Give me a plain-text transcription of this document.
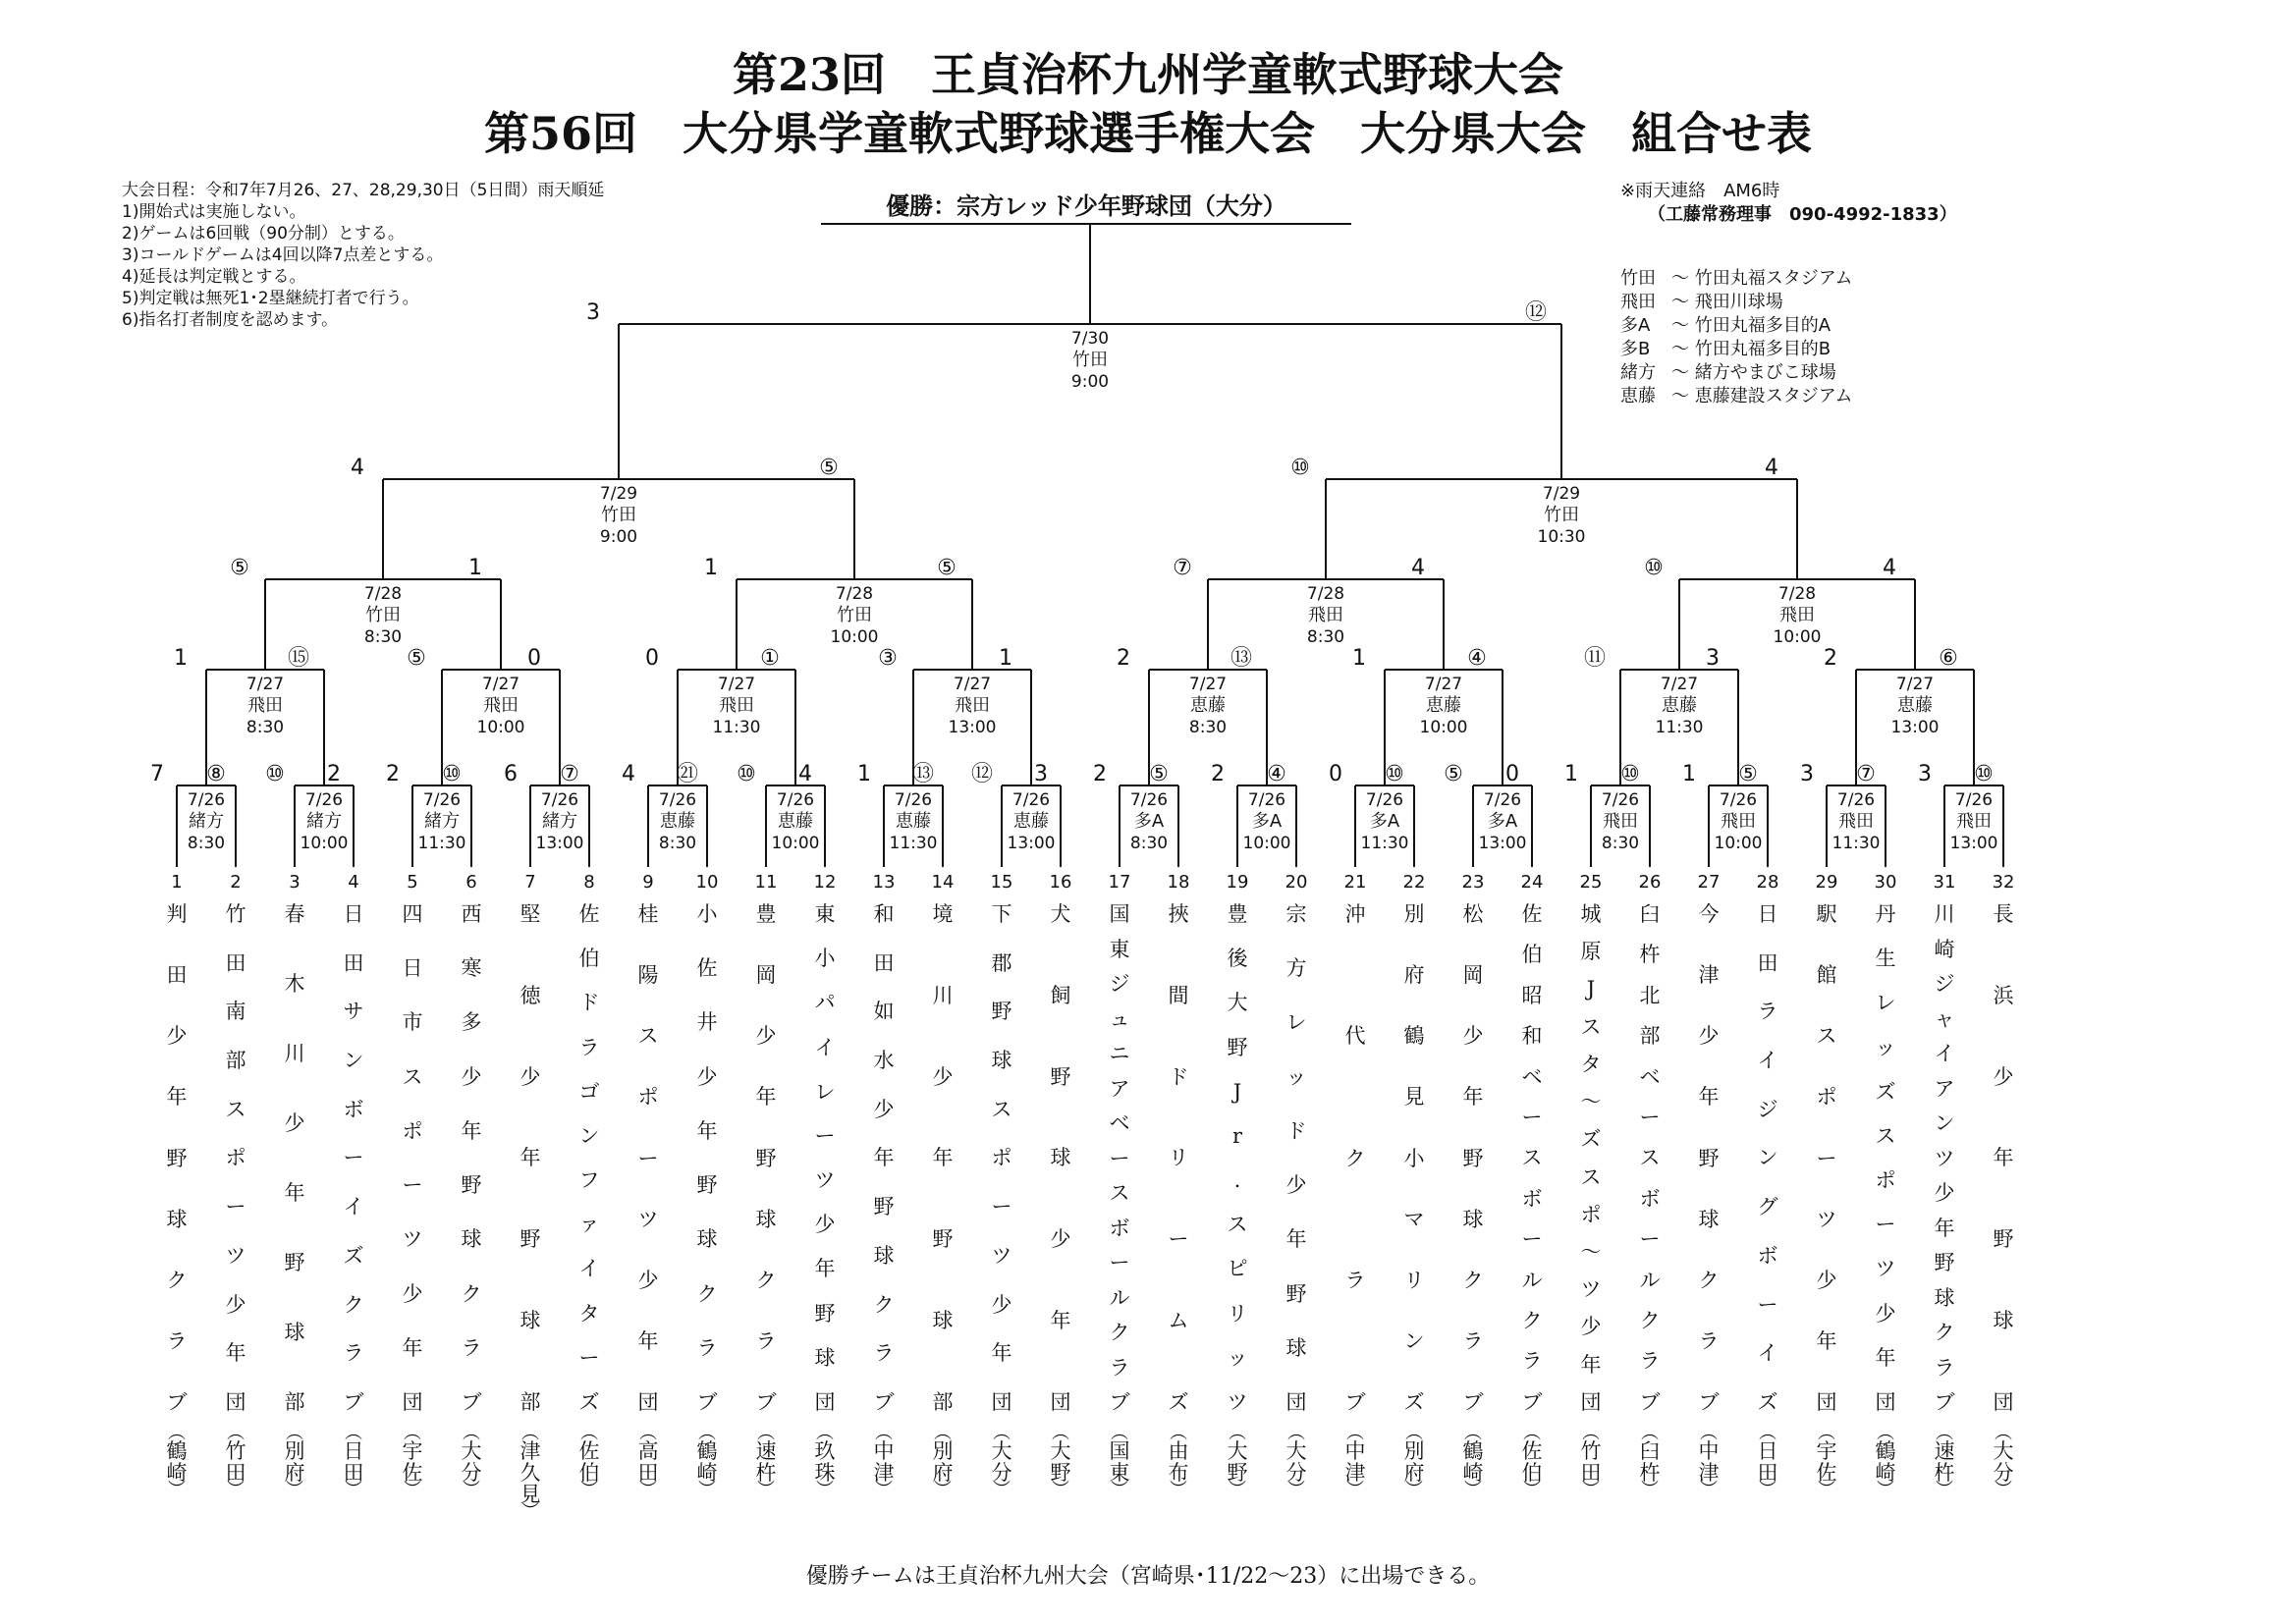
第23回　王貞治杯九州学童軟式野球大会
第56回　大分県学童軟式野球選手権大会　大分県大会　組合せ表
大会日程：令和7年7月26、27、28,29,30日（5日間）雨天順延
1)開始式は実施しない。
2)ゲームは6回戦（90分制）とする。
3)コールドゲームは4回以降7点差とする。
4)延長は判定戦とする。
5)判定戦は無死1･2塁継続打者で行う。
6)指名打者制度を認めます。
優勝：宗方レッド少年野球団（大分）
※雨天連絡　AM6時
（工藤常務理事　090-4992-1833）
竹田 ～ 竹田丸福スタジアム
飛田 ～ 飛田川球場
多A ～ 竹田丸福多目的A
多B ～ 竹田丸福多目的B
緒方 ～ 緒方やまびこ球場
恵藤 ～ 恵藤建設スタジアム
7 ⑧
7/26
緒方
8:30
⑩ 2
7/26
緒方
10:00
2 ⑩
7/26
緒方
11:30
6 ⑦
7/26
緒方
13:00
4 ㉑
7/26
恵藤
8:30
⑩ 4
7/26
恵藤
10:00
1 ⑬
7/26
恵藤
11:30
⑫ 3
7/26
恵藤
13:00
2 ⑤
7/26
多A
8:30
2 ④
7/26
多A
10:00
0 ⑩
7/26
多A
11:30
⑤ 0
7/26
多A
13:00
1 ⑩
7/26
飛田
8:30
1 ⑤
7/26
飛田
10:00
3 ⑦
7/26
飛田
11:30
3 ⑩
7/26
飛田
13:00
1	⑮
7/27
飛田
8:30
⑤	0
7/27
飛田
10:00
0	①
7/27
飛田
11:30
③	1
7/27
飛田
13:00
2	⑬
7/27
恵藤
8:30
1	④
7/27
恵藤
10:00
⑪	3
7/27
恵藤
11:30
2	⑥
7/27
恵藤
13:00
⑤	1
7/28
竹田
8:30
1	⑤
7/28
竹田
10:00
⑦	4
7/28
飛田
8:30
⑩	4
7/28
飛田
10:00
4	⑤
7/29
竹田
9:00
⑩	4
7/29
竹田
10:30
3	⑫
7/30
竹田
9:00
1
判
田
少
年
野
球
ク
ラ
ブ
︵
鶴
崎
︶
2
竹
田
南
部
ス
ポ
ー
ツ
少
年
団
︵
竹
田
︶
3
春
木
川
少
年
野
球
部
︵
別
府
︶
4
日
田
サ
ン
ボ
ー
イ
ズ
ク
ラ
ブ
︵
日
田
︶
5
四
日
市
ス
ポ
ー
ツ
少
年
団
︵
宇
佐
︶
6
西
寒
多
少
年
野
球
ク
ラ
ブ
︵
大
分
︶
7
堅
徳
少
年
野
球
部
︵
津
久
見
︶
8
佐
伯
ド
ラ
ゴ
ン
フ
ァ
イ
タ
ー
ズ
︵
佐
伯
︶
9
桂
陽
ス
ポ
ー
ツ
少
年
団
︵
高
田
︶
10
小
佐
井
少
年
野
球
ク
ラ
ブ
︵
鶴
崎
︶
11
豊
岡
少
年
野
球
ク
ラ
ブ
︵
速
杵
︶
12
東
小
パ
イ
レ
ー
ツ
少
年
野
球
団
︵
玖
珠
︶
13
和
田
如
水
少
年
野
球
ク
ラ
ブ
︵
中
津
︶
14
境
川
少
年
野
球
部
︵
別
府
︶
15
下
郡
野
球
ス
ポ
ー
ツ
少
年
団
︵
大
分
︶
16
犬
飼
野
球
少
年
団
︵
大
野
︶
17
国
東
ジ
ュ
ニ
ア
ベ
ー
ス
ボ
ー
ル
ク
ラ
ブ
︵
国
東
︶
18
挾
間
ド
リ
ー
ム
ズ
︵
由
布
︶
19
豊
後
大
野
J
r
.
ス
ピ
リ
ッ
ツ
︵
大
野
︶
20
宗
方
レ
ッ
ド
少
年
野
球
団
︵
大
分
︶
21
沖
代
ク
ラ
ブ
︵
中
津
︶
22
別
府
鶴
見
小
マ
リ
ン
ズ
︵
別
府
︶
23
松
岡
少
年
野
球
ク
ラ
ブ
︵
鶴
崎
︶
24
佐
伯
昭
和
ベ
ー
ス
ボ
ー
ル
ク
ラ
ブ
︵
佐
伯
︶
25
城
原
J
ス
タ
〜
ズ
ス
ポ
〜
ツ
少
年
団
︵
竹
田
︶
26
臼
杵
北
部
ベ
ー
ス
ボ
ー
ル
ク
ラ
ブ
︵
臼
杵
︶
27
今
津
少
年
野
球
ク
ラ
ブ
︵
中
津
︶
28
日
田
ラ
イ
ジ
ン
グ
ボ
ー
イ
ズ
︵
日
田
︶
29
駅
館
ス
ポ
ー
ツ
少
年
団
︵
宇
佐
︶
30
丹
生
レ
ッ
ズ
ス
ポ
ー
ツ
少
年
団
︵
鶴
崎
︶
31
川
崎
ジ
ャ
イ
ア
ン
ツ
少
年
野
球
ク
ラ
ブ
︵
速
杵
︶
32
長
浜
少
年
野
球
団
︵
大
分
︶
優勝チームは王貞治杯九州大会（宮崎県･11/22～23）に出場できる。
